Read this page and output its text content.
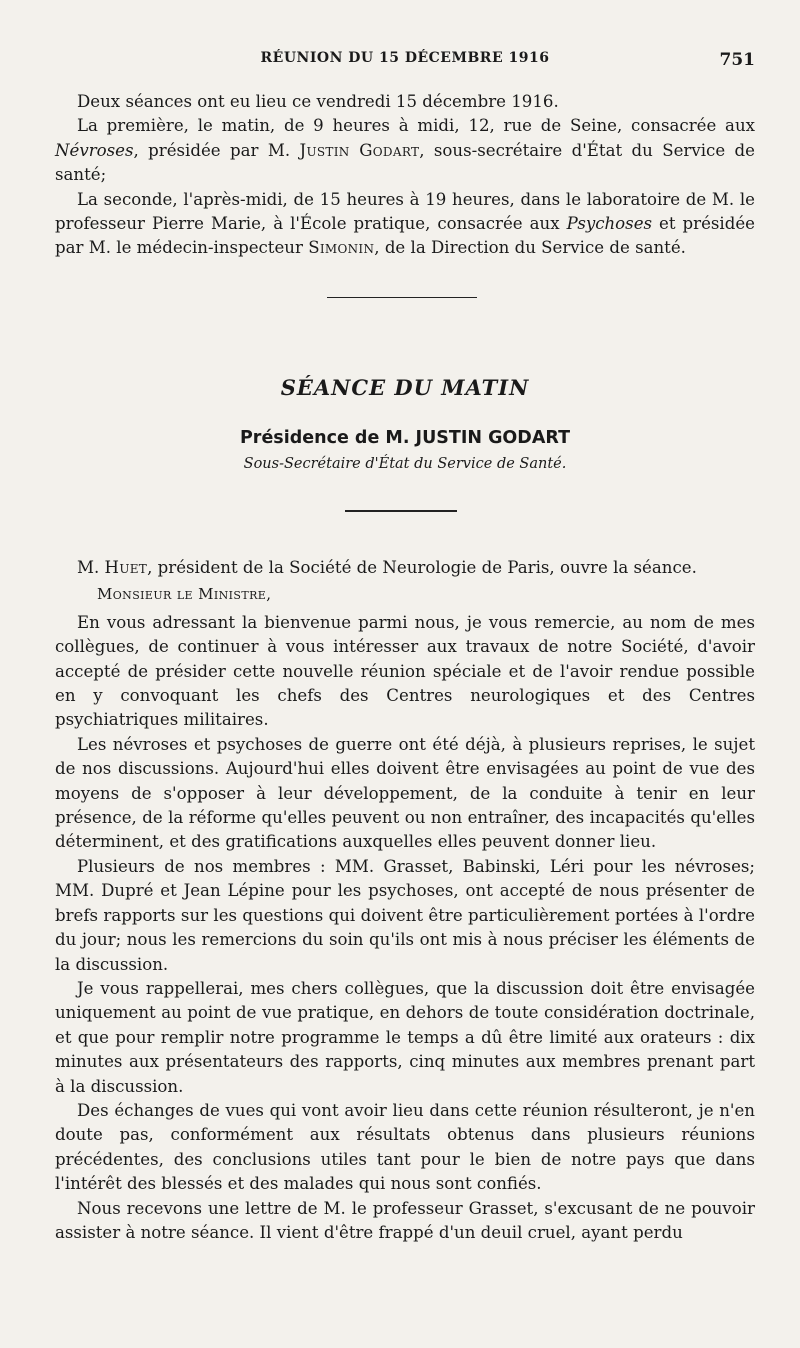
RÉUNION DU 15 DÉCEMBRE 1916	751

Deux séances ont eu lieu ce vendredi 15 décembre 1916.

La première, le matin, de 9 heures à midi, 12, rue de Seine, consacrée aux Névroses, présidée par M. Justin Godart, sous-secrétaire d'État du Service de santé;

La seconde, l'après-midi, de 15 heures à 19 heures, dans le laboratoire de M. le professeur Pierre Marie, à l'École pratique, consacrée aux Psychoses et présidée par M. le médecin-inspecteur Simonin, de la Direction du Service de santé.

SÉANCE DU MATIN
Présidence de M. JUSTIN GODART
Sous-Secrétaire d'État du Service de Santé.

M. Huet, président de la Société de Neurologie de Paris, ouvre la séance.

Monsieur le Ministre,

En vous adressant la bienvenue parmi nous, je vous remercie, au nom de mes collègues, de continuer à vous intéresser aux travaux de notre Société, d'avoir accepté de présider cette nouvelle réunion spéciale et de l'avoir rendue possible en y convoquant les chefs des Centres neurologiques et des Centres psychiatriques militaires.

Les névroses et psychoses de guerre ont été déjà, à plusieurs reprises, le sujet de nos discussions. Aujourd'hui elles doivent être envisagées au point de vue des moyens de s'opposer à leur développement, de la conduite à tenir en leur présence, de la réforme qu'elles peuvent ou non entraîner, des incapacités qu'elles déterminent, et des gratifications auxquelles elles peuvent donner lieu.

Plusieurs de nos membres : MM. Grasset, Babinski, Léri pour les névroses; MM. Dupré et Jean Lépine pour les psychoses, ont accepté de nous présenter de brefs rapports sur les questions qui doivent être particulièrement portées à l'ordre du jour; nous les remercions du soin qu'ils ont mis à nous préciser les éléments de la discussion.

Je vous rappellerai, mes chers collègues, que la discussion doit être envisagée uniquement au point de vue pratique, en dehors de toute considération doctrinale, et que pour remplir notre programme le temps a dû être limité aux orateurs : dix minutes aux présentateurs des rapports, cinq minutes aux membres prenant part à la discussion.

Des échanges de vues qui vont avoir lieu dans cette réunion résulteront, je n'en doute pas, conformément aux résultats obtenus dans plusieurs réunions précédentes, des conclusions utiles tant pour le bien de notre pays que dans l'intérêt des blessés et des malades qui nous sont confiés.

Nous recevons une lettre de M. le professeur Grasset, s'excusant de ne pouvoir assister à notre séance. Il vient d'être frappé d'un deuil cruel, ayant perdu
